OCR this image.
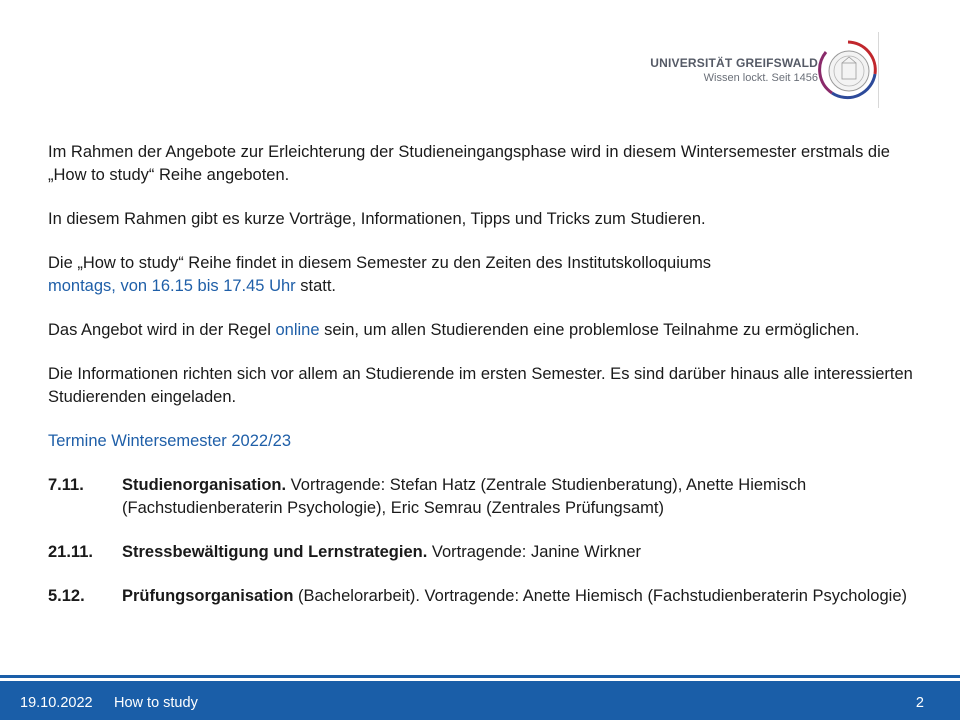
UNIVERSITÄT GREIFSWALD
Wissen lockt. Seit 1456

Im Rahmen der Angebote zur Erleichterung der Studieneingangsphase wird in diesem Wintersemester erstmals die „How to study“ Reihe angeboten.

In diesem Rahmen gibt es kurze Vorträge, Informationen, Tipps und Tricks zum Studieren.

Die „How to study“ Reihe findet in diesem Semester zu den Zeiten des Institutskolloquiums
montags, von 16.15 bis 17.45 Uhr statt.

Das Angebot wird in der Regel online sein, um allen Studierenden eine problemlose Teilnahme zu ermöglichen.

Die Informationen richten sich vor allem an Studierende im ersten Semester. Es sind darüber hinaus alle interessierten Studierenden eingeladen.

Termine Wintersemester 2022/23

7.11.	Studienorganisation. Vortragende: Stefan Hatz (Zentrale Studienberatung), Anette Hiemisch (Fachstudienberaterin Psychologie), Eric Semrau (Zentrales Prüfungsamt)
21.11.	Stressbewältigung und Lernstrategien. Vortragende: Janine Wirkner
5.12.	Prüfungsorganisation (Bachelorarbeit). Vortragende: Anette Hiemisch (Fachstudienberaterin Psychologie)
19.10.2022 How to study	2
